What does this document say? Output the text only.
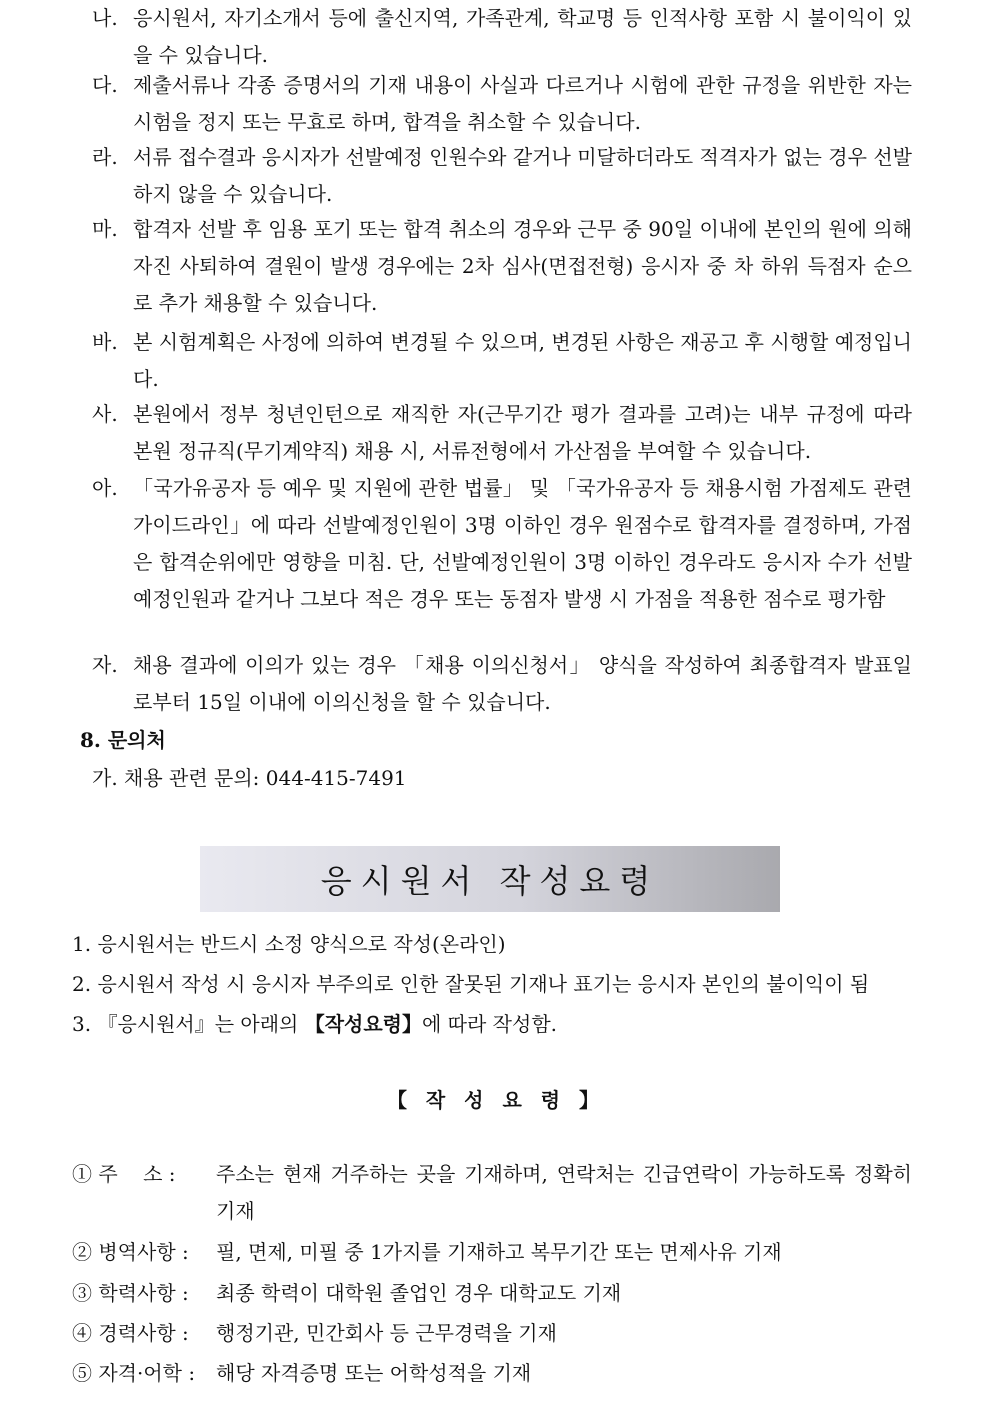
나. 응시원서, 자기소개서 등에 출신지역, 가족관계, 학교명 등 인적사항 포함 시 불이익이 있을 수 있습니다.
다. 제출서류나 각종 증명서의 기재 내용이 사실과 다르거나 시험에 관한 규정을 위반한 자는 시험을 정지 또는 무효로 하며, 합격을 취소할 수 있습니다.
라. 서류 접수결과 응시자가 선발예정 인원수와 같거나 미달하더라도 적격자가 없는 경우 선발하지 않을 수 있습니다.
마. 합격자 선발 후 임용 포기 또는 합격 취소의 경우와 근무 중 90일 이내에 본인의 원에 의해 자진 사퇴하여 결원이 발생 경우에는 2차 심사(면접전형) 응시자 중 차 하위 득점자 순으로 추가 채용할 수 있습니다.
바. 본 시험계획은 사정에 의하여 변경될 수 있으며, 변경된 사항은 재공고 후 시행할 예정입니다.
사. 본원에서 정부 청년인턴으로 재직한 자(근무기간 평가 결과를 고려)는 내부 규정에 따라 본원 정규직(무기계약직) 채용 시, 서류전형에서 가산점을 부여할 수 있습니다.
아. 「국가유공자 등 예우 및 지원에 관한 법률」 및 「국가유공자 등 채용시험 가점제도 관련 가이드라인」에 따라 선발예정인원이 3명 이하인 경우 원점수로 합격자를 결정하며, 가점은 합격순위에만 영향을 미침. 단, 선발예정인원이 3명 이하인 경우라도 응시자 수가 선발예정인원과 같거나 그보다 적은 경우 또는 동점자 발생 시 가점을 적용한 점수로 평가함
자. 채용 결과에 이의가 있는 경우 「채용 이의신청서」 양식을 작성하여 최종합격자 발표일로부터 15일 이내에 이의신청을 할 수 있습니다.
8. 문의처
가. 채용 관련 문의: 044-415-7491
응시원서 작성요령
1. 응시원서는 반드시 소정 양식으로 작성(온라인)
2. 응시원서 작성 시 응시자 부주의로 인한 잘못된 기재나 표기는 응시자 본인의 불이익이 됨
3. 『응시원서』는 아래의 【작성요령】에 따라 작성함.
【 작 성 요 령 】
① 주    소 : 주소는 현재 거주하는 곳을 기재하며, 연락처는 긴급연락이 가능하도록 정확히 기재
② 병역사항 : 필, 면제, 미필 중 1가지를 기재하고 복무기간 또는 면제사유 기재
③ 학력사항 : 최종 학력이 대학원 졸업인 경우 대학교도 기재
④ 경력사항 : 행정기관, 민간회사 등 근무경력을 기재
⑤ 자격·어학 : 해당 자격증명 또는 어학성적을 기재
